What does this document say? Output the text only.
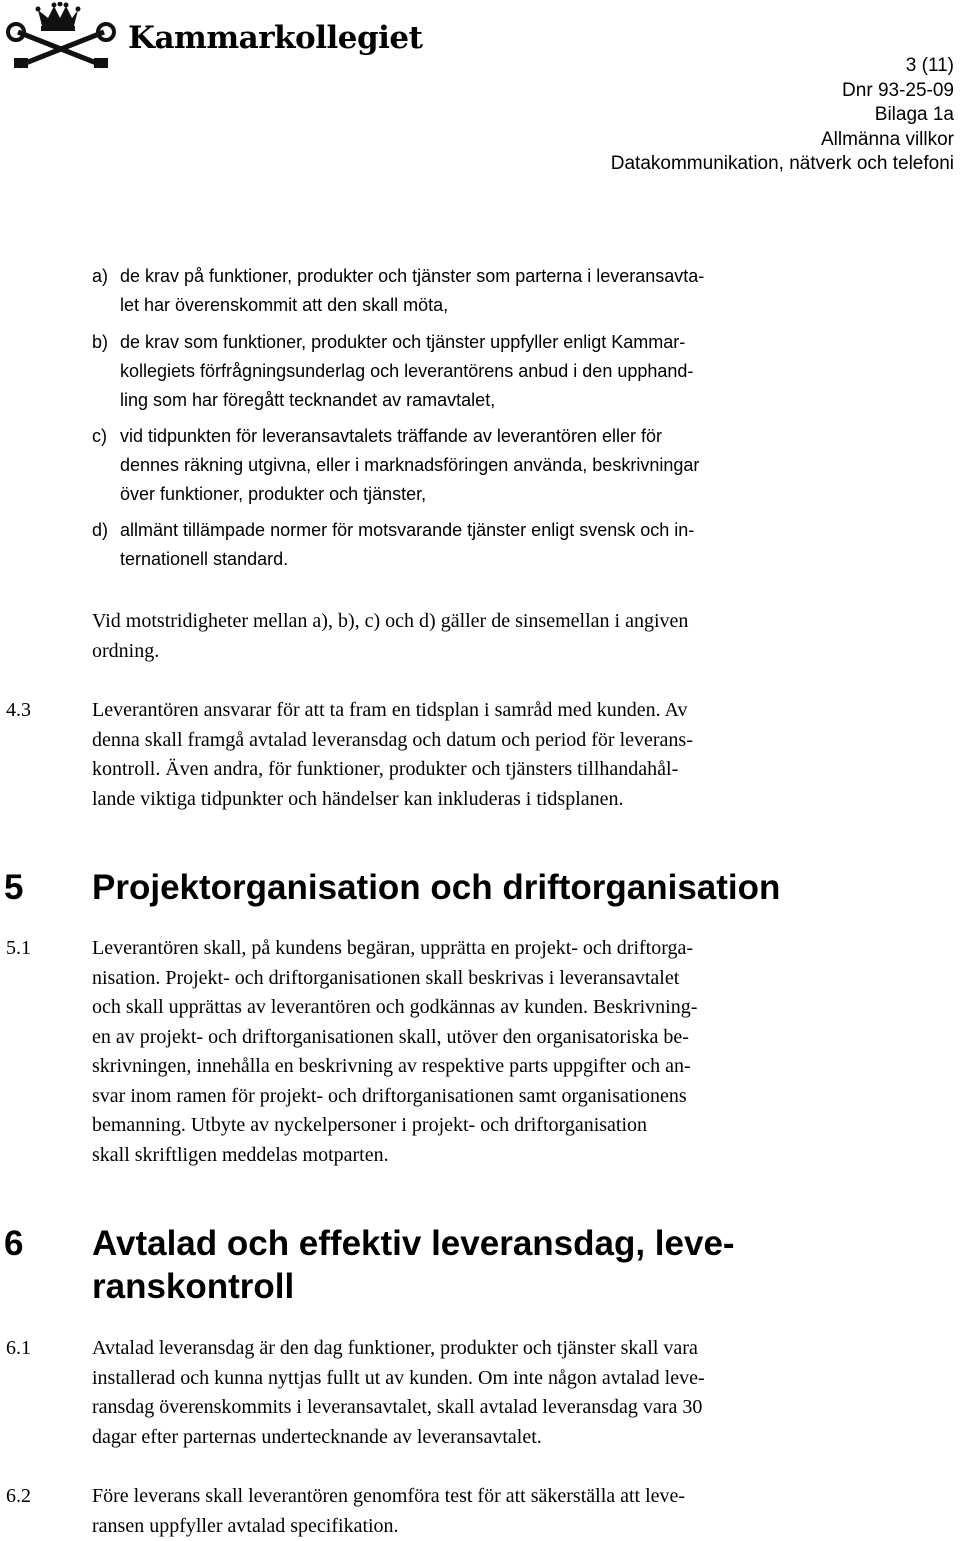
Kammarkollegiet
3 (11)
Dnr 93-25-09
Bilaga 1a
Allmänna villkor
Datakommunikation, nätverk och telefoni
a) de krav på funktioner, produkter och tjänster som parterna i leveransavta-
let har överenskommit att den skall möta,
b) de krav som funktioner, produkter och tjänster uppfyller enligt Kammar-
kollegiets förfrågningsunderlag och leverantörens anbud i den upphand-
ling som har föregått tecknandet av ramavtalet,
c) vid tidpunkten för leveransavtalets träffande av leverantören eller för
dennes räkning utgivna, eller i marknadsföringen använda, beskrivningar
över funktioner, produkter och tjänster,
d) allmänt tillämpade normer för motsvarande tjänster enligt svensk och in-
ternationell standard.
Vid motstridigheter mellan a), b), c) och d) gäller de sinsemellan i angiven
ordning.
4.3	Leverantören ansvarar för att ta fram en tidsplan i samråd med kunden. Av
denna skall framgå avtalad leveransdag och datum och period för leverans-
kontroll. Även andra, för funktioner, produkter och tjänsters tillhandahål-
lande viktiga tidpunkter och händelser kan inkluderas i tidsplanen.
5 Projektorganisation och driftorganisation
5.1	Leverantören skall, på kundens begäran, upprätta en projekt- och driftorga-
nisation. Projekt- och driftorganisationen skall beskrivas i leveransavtalet
och skall upprättas av leverantören och godkännas av kunden. Beskrivning-
en av projekt- och driftorganisationen skall, utöver den organisatoriska be-
skrivningen, innehålla en beskrivning av respektive parts uppgifter och an-
svar inom ramen för projekt- och driftorganisationen samt organisationens
bemanning. Utbyte av nyckelpersoner i projekt- och driftorganisation
skall skriftligen meddelas motparten.
6 Avtalad och effektiv leveransdag, leve-
ranskontroll
6.1	Avtalad leveransdag är den dag funktioner, produkter och tjänster skall vara
installerad och kunna nyttjas fullt ut av kunden. Om inte någon avtalad leve-
ransdag överenskommits i leveransavtalet, skall avtalad leveransdag vara 30
dagar efter parternas undertecknande av leveransavtalet.
6.2	Före leverans skall leverantören genomföra test för att säkerställa att leve-
ransen uppfyller avtalad specifikation.
